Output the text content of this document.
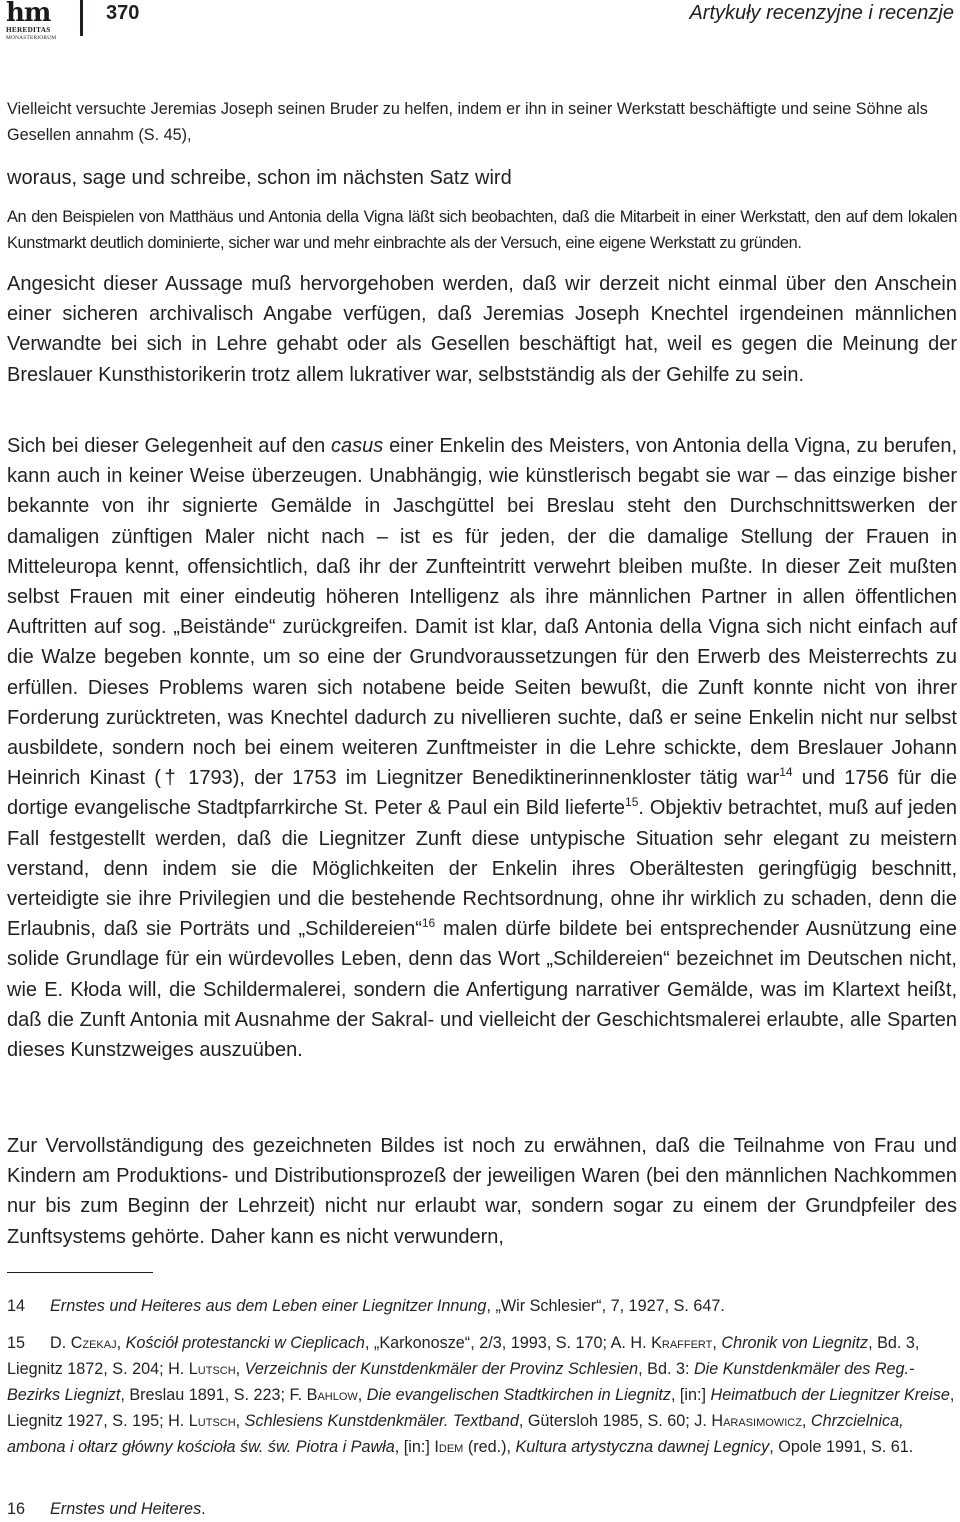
hm
HEREDITAS
MONASTERIORUM
370	Artykuły recenzyjne i recenzje

Vielleicht versuchte Jeremias Joseph seinen Bruder zu helfen, indem er ihn in seiner Werkstatt beschäftigte und seine Söhne als Gesellen annahm (S. 45),

woraus, sage und schreibe, schon im nächsten Satz wird

An den Beispielen von Matthäus und Antonia della Vigna läßt sich beobachten, daß die Mitarbeit in einer Werkstatt, den auf dem lokalen Kunstmarkt deutlich dominierte, sicher war und mehr einbrachte als der Versuch, eine eigene Werkstatt zu gründen.

Angesicht dieser Aussage muß hervorgehoben werden, daß wir derzeit nicht einmal über den Anschein einer sicheren archivalisch Angabe verfügen, daß Jeremias Joseph Knechtel irgendeinen männlichen Verwandte bei sich in Lehre gehabt oder als Gesellen beschäftigt hat, weil es gegen die Meinung der Breslauer Kunsthistorikerin trotz allem lukrativer war, selbstständig als der Gehilfe zu sein.

Sich bei dieser Gelegenheit auf den casus einer Enkelin des Meisters, von Antonia della Vigna, zu berufen, kann auch in keiner Weise überzeugen. Unabhängig, wie künstlerisch begabt sie war – das einzige bisher bekannte von ihr signierte Gemälde in Jaschgüttel bei Breslau steht den Durchschnittswerken der damaligen zünftigen Maler nicht nach – ist es für jeden, der die damalige Stellung der Frauen in Mitteleuropa kennt, offensichtlich, daß ihr der Zunfteintritt verwehrt bleiben mußte. In dieser Zeit mußten selbst Frauen mit einer eindeutig höheren Intelligenz als ihre männlichen Partner in allen öffentlichen Auftritten auf sog. „Beistände“ zurückgreifen. Damit ist klar, daß Antonia della Vigna sich nicht einfach auf die Walze begeben konnte, um so eine der Grundvoraussetzungen für den Erwerb des Meisterrechts zu erfüllen. Dieses Problems waren sich notabene beide Seiten bewußt, die Zunft konnte nicht von ihrer Forderung zurücktreten, was Knechtel dadurch zu nivellieren suchte, daß er seine Enkelin nicht nur selbst ausbildete, sondern noch bei einem weiteren Zunftmeister in die Lehre schickte, dem Breslauer Johann Heinrich Kinast († 1793), der 1753 im Liegnitzer Benediktinerinnenkloster tätig war$^{14}$ und 1756 für die dortige evangelische Stadtpfarrkirche St. Peter & Paul ein Bild lieferte$^{15}$. Objektiv betrachtet, muß auf jeden Fall festgestellt werden, daß die Liegnitzer Zunft diese untypische Situation sehr elegant zu meistern verstand, denn indem sie die Möglichkeiten der Enkelin ihres Oberältesten geringfügig beschnitt, verteidigte sie ihre Privilegien und die bestehende Rechtsordnung, ohne ihr wirklich zu schaden, denn die Erlaubnis, daß sie Porträts und „Schildereien“$^{16}$ malen dürfe bildete bei entsprechender Ausnützung eine solide Grundlage für ein würdevolles Leben, denn das Wort „Schildereien“ bezeichnet im Deutschen nicht, wie E. Kłoda will, die Schildermalerei, sondern die Anfertigung narrativer Gemälde, was im Klartext heißt, daß die Zunft Antonia mit Ausnahme der Sakral- und vielleicht der Geschichtsmalerei erlaubte, alle Sparten dieses Kunstzweiges auszuüben.

Zur Vervollständigung des gezeichneten Bildes ist noch zu erwähnen, daß die Teilnahme von Frau und Kindern am Produktions- und Distributionsprozeß der jeweiligen Waren (bei den männlichen Nachkommen nur bis zum Beginn der Lehrzeit) nicht nur erlaubt war, sondern sogar zu einem der Grundpfeiler des Zunftsystems gehörte. Daher kann es nicht verwundern,

14 Ernstes und Heiteres aus dem Leben einer Liegnitzer Innung, „Wir Schlesier“, 7, 1927, S. 647.

15 D. Czekaj, Kościół protestancki w Cieplicach, „Karkonosze“, 2/3, 1993, S. 170; A. H. Kraffert, Chronik von Liegnitz, Bd. 3, Liegnitz 1872, S. 204; H. Lutsch, Verzeichnis der Kunstdenkmäler der Provinz Schlesien, Bd. 3: Die Kunstdenkmäler des Reg.-Bezirks Liegnizt, Breslau 1891, S. 223; F. Bahlow, Die evangelischen Stadtkirchen in Liegnitz, [in:] Heimatbuch der Liegnitzer Kreise, Liegnitz 1927, S. 195; H. Lutsch, Schlesiens Kunstdenkmäler. Textband, Gütersloh 1985, S. 60; J. Harasimowicz, Chrzcielnica, ambona i ołtarz główny kościoła św. św. Piotra i Pawła, [in:] Idem (red.), Kultura artystyczna dawnej Legnicy, Opole 1991, S. 61.

16 Ernstes und Heiteres.
